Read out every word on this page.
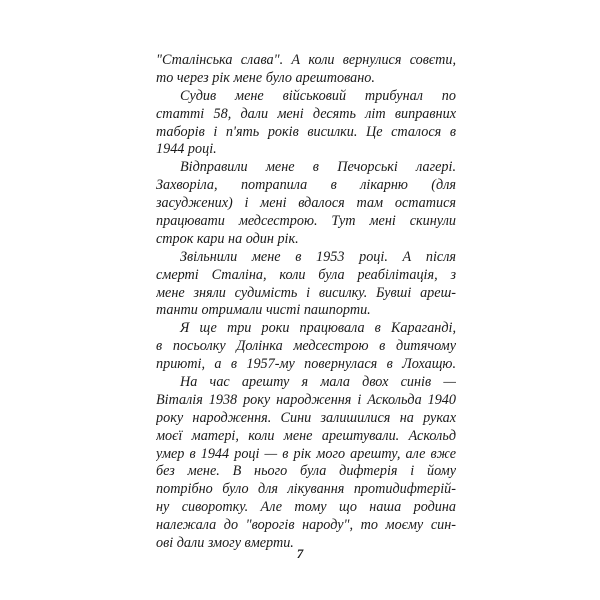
"Сталінська слава". А коли вернулися совєти,
то через рік мене було арештовано.
Судив мене військовий трибунал по
статті 58, дали мені десять літ виправних
таборів і п'ять років висилки. Це сталося в
1944 році.
Відправили мене в Печорські лагері.
Захворіла, потрапила в лікарню (для
засуджених) і мені вдалося там остатися
працювати медсестрою. Тут мені скинули
строк кари на один рік.
Звільнили мене в 1953 році. А після
смерті Сталіна, коли була реабілітація, з
мене зняли судимість і висилку. Бувші ареш-
танти отримали чисті пашпорти.
Я ще три роки працювала в Караганді,
в посьолку Долінка медсестрою в дитячому
приюті, а в 1957-му повернулася в Лохащю.
На час арешту я мала двох синів —
Віталія 1938 року народження і Аскольда 1940
року народження. Сини залишилися на руках
моєї матері, коли мене арештували. Аскольд
умер в 1944 році — в рік мого арешту, але вже
без мене. В нього була дифтерія і йому
потрібно було для лікування протидифтерій-
ну сиворотку. Але тому що наша родина
належала до "ворогів народу", то моєму син-
ові дали змогу вмерти.
7
